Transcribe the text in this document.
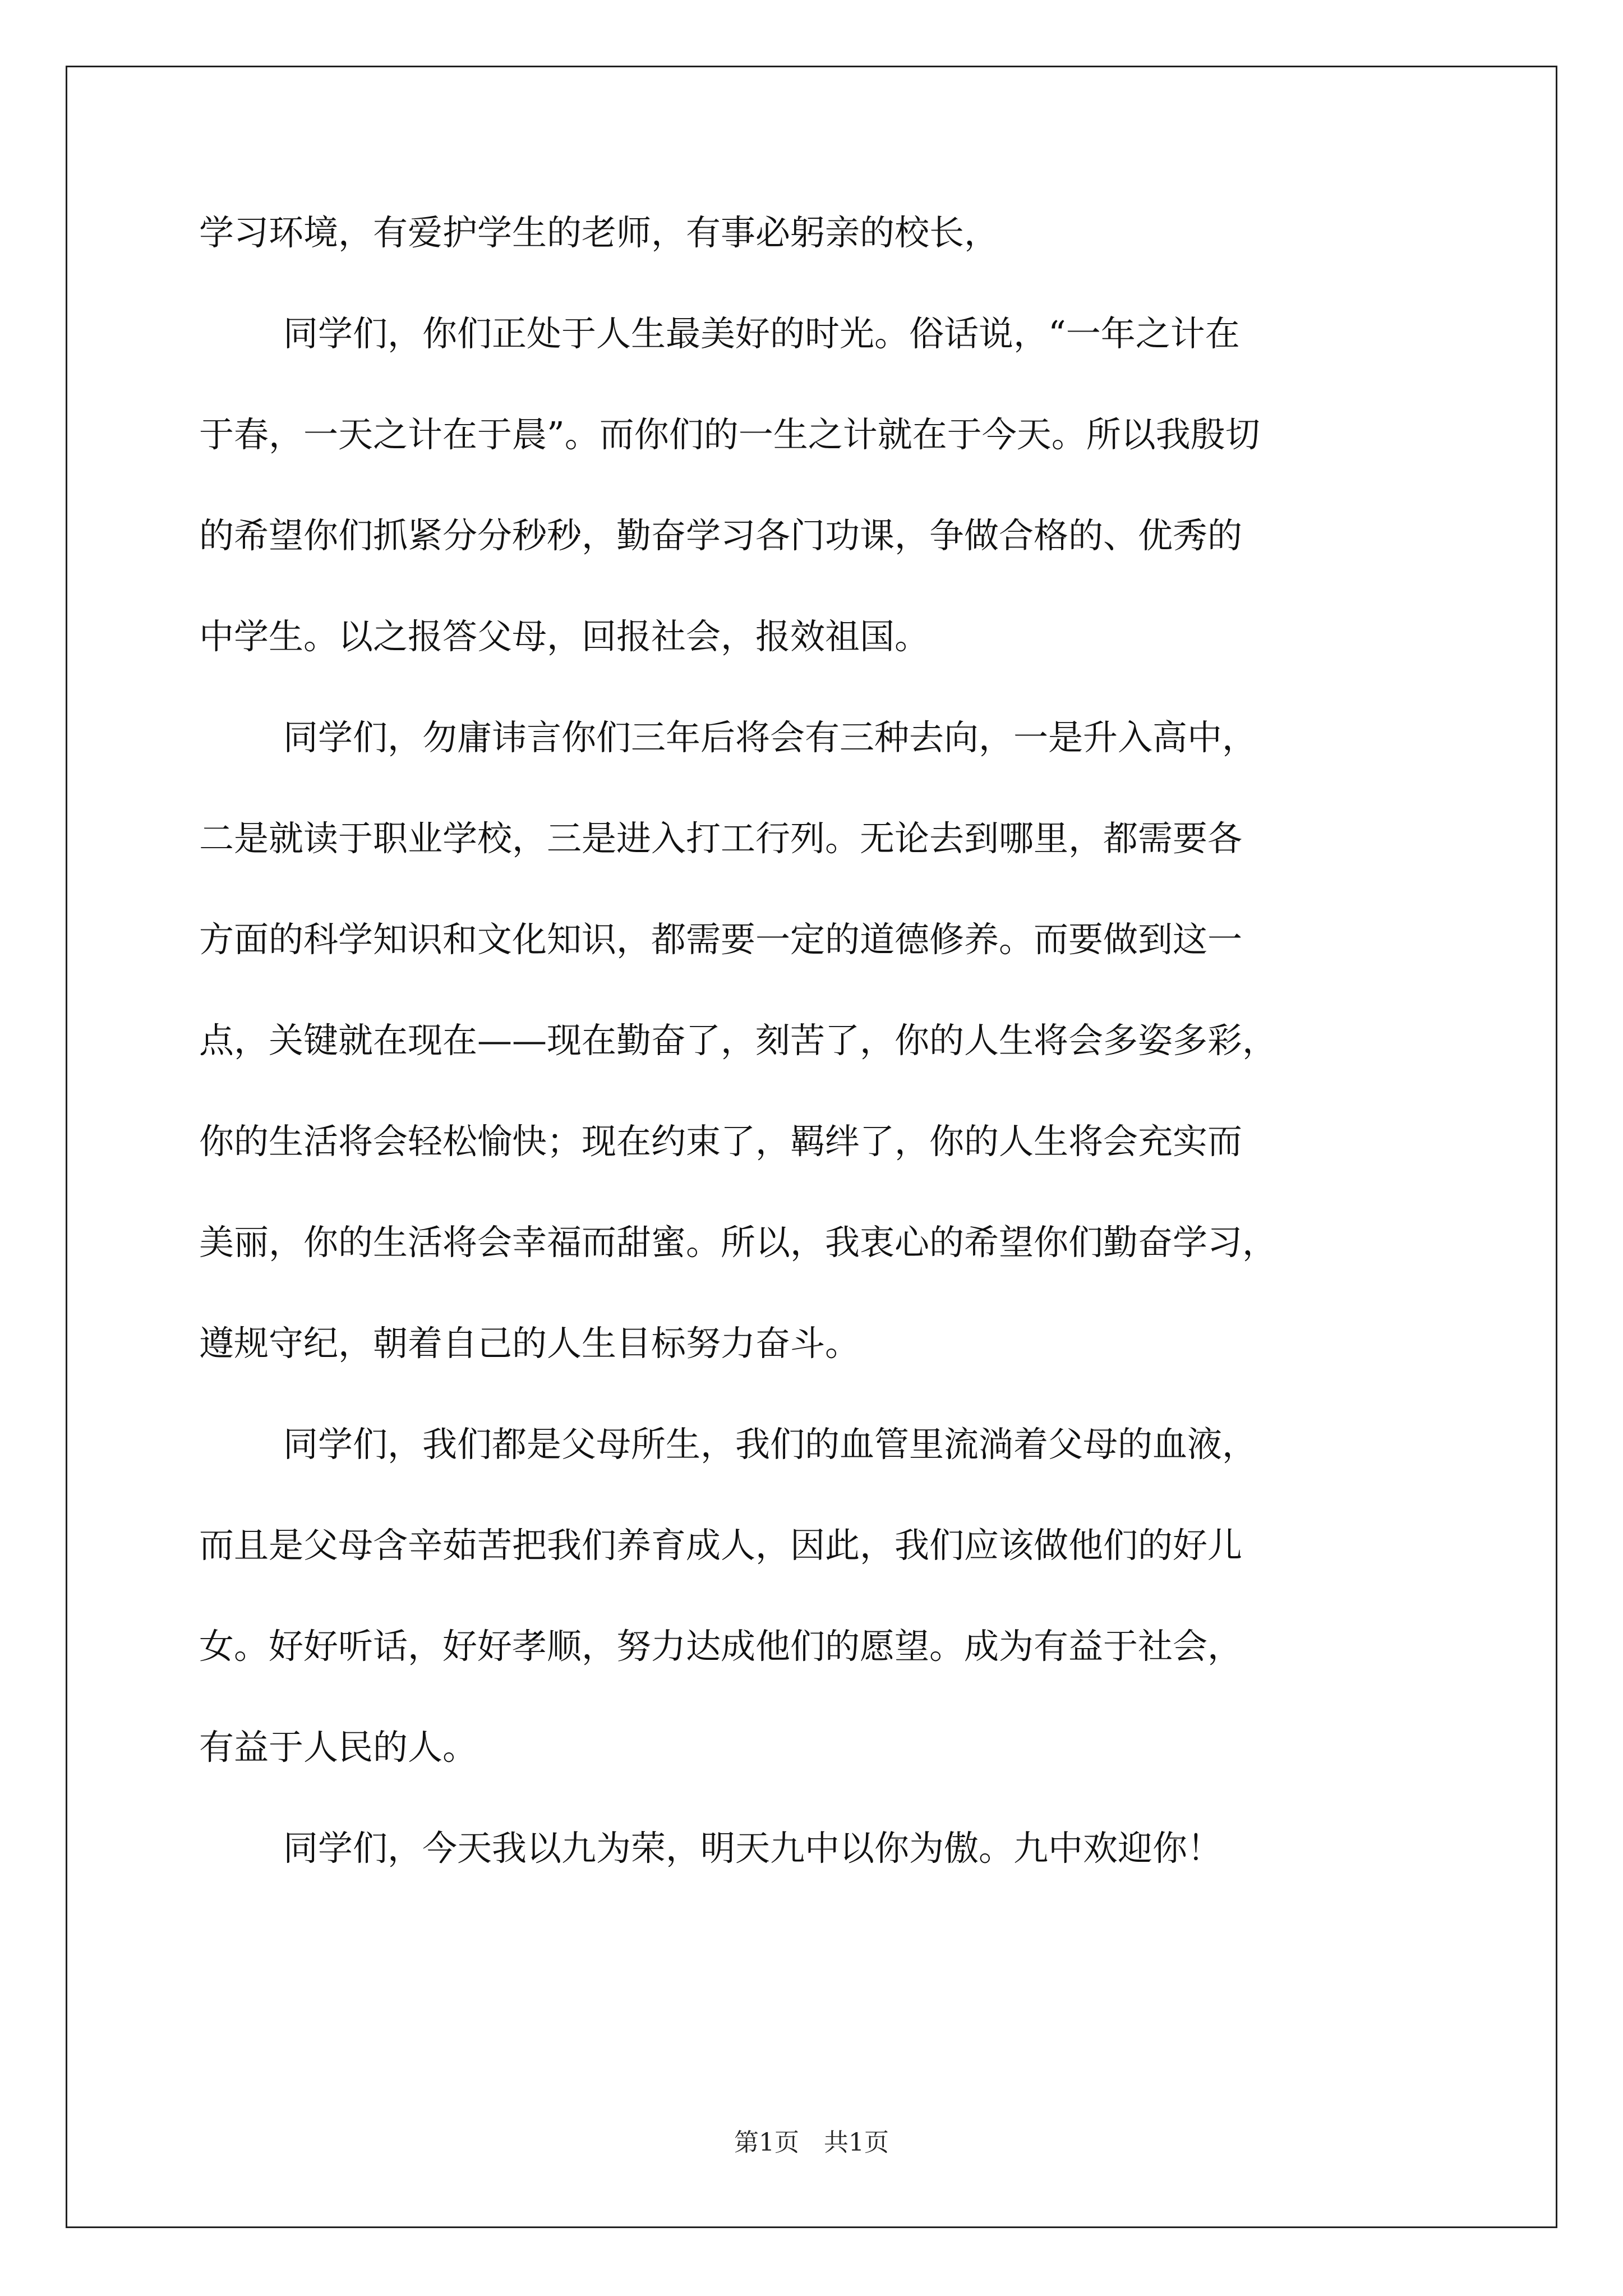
学习环境，有爱护学生的老师，有事必躬亲的校长，
同学们，你们正处于人生最美好的时光。俗话说，“一年之计在
于春，一天之计在于晨”。而你们的一生之计就在于今天。所以我殷切
的希望你们抓紧分分秒秒，勤奋学习各门功课，争做合格的、优秀的
中学生。以之报答父母，回报社会，报效祖国。
同学们，勿庸讳言你们三年后将会有三种去向，一是升入高中，
二是就读于职业学校，三是进入打工行列。无论去到哪里，都需要各
方面的科学知识和文化知识，都需要一定的道德修养。而要做到这一
点，关键就在现在——现在勤奋了，刻苦了，你的人生将会多姿多彩，
你的生活将会轻松愉快；现在约束了，羁绊了，你的人生将会充实而
美丽，你的生活将会幸福而甜蜜。所以，我衷心的希望你们勤奋学习，
遵规守纪，朝着自己的人生目标努力奋斗。
同学们，我们都是父母所生，我们的血管里流淌着父母的血液，
而且是父母含辛茹苦把我们养育成人，因此，我们应该做他们的好儿
女。好好听话，好好孝顺，努力达成他们的愿望。成为有益于社会，
有益于人民的人。
同学们，今天我以九为荣，明天九中以你为傲。九中欢迎你！
第1页　共1页
